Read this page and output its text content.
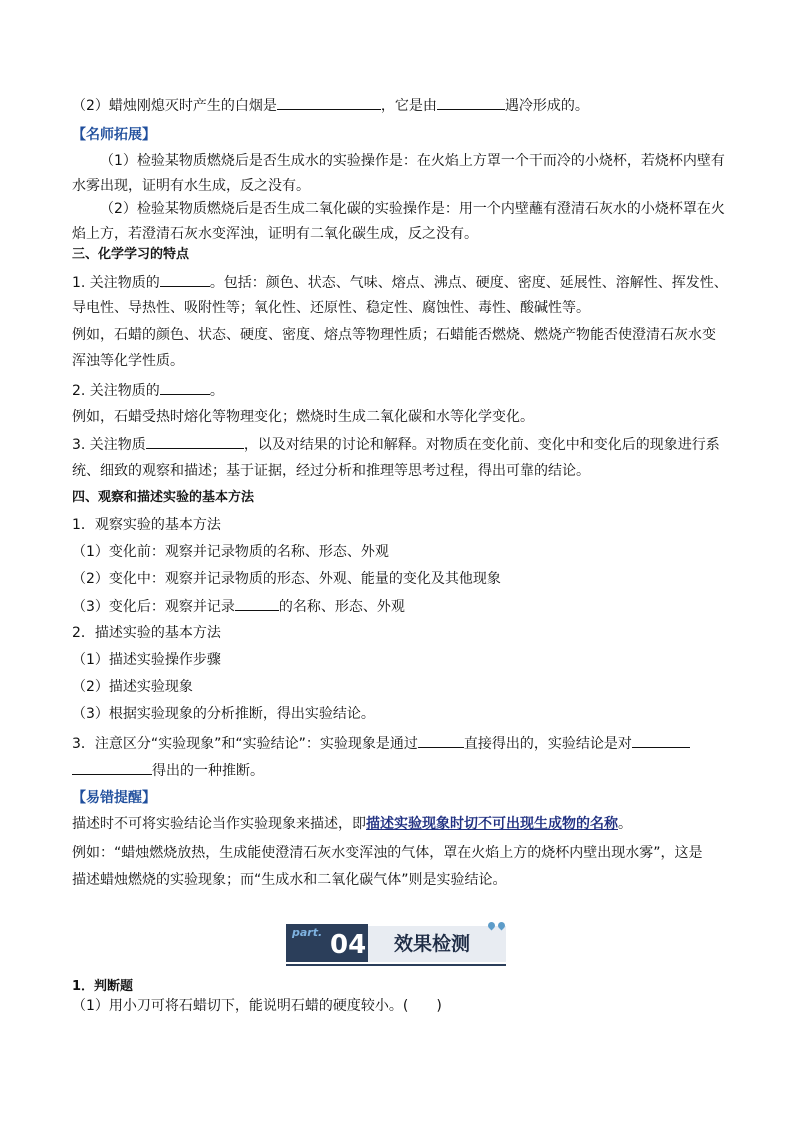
（2）蜡烛刚熄灭时产生的白烟是	，它是由	遇冷形成的。
【名师拓展】
（1）检验某物质燃烧后是否生成水的实验操作是：在火焰上方罩一个干而冷的小烧杯，若烧杯内壁有
水雾出现，证明有水生成，反之没有。
（2）检验某物质燃烧后是否生成二氧化碳的实验操作是：用一个内壁蘸有澄清石灰水的小烧杯罩在火
焰上方，若澄清石灰水变浑浊，证明有二氧化碳生成，反之没有。
三、化学学习的特点
1. 关注物质的	。包括：颜色、状态、气味、熔点、沸点、硬度、密度、延展性、溶解性、挥发性、
导电性、导热性、吸附性等；氧化性、还原性、稳定性、腐蚀性、毒性、酸碱性等。
例如，石蜡的颜色、状态、硬度、密度、熔点等物理性质；石蜡能否燃烧、燃烧产物能否使澄清石灰水变
浑浊等化学性质。
2. 关注物质的	。
例如，石蜡受热时熔化等物理变化；燃烧时生成二氧化碳和水等化学变化。
3. 关注物质	，以及对结果的讨论和解释。对物质在变化前、变化中和变化后的现象进行系
统、细致的观察和描述；基于证据，经过分析和推理等思考过程，得出可靠的结论。
四、观察和描述实验的基本方法
1．观察实验的基本方法
（1）变化前：观察并记录物质的名称、形态、外观
（2）变化中：观察并记录物质的形态、外观、能量的变化及其他现象
（3）变化后：观察并记录	的名称、形态、外观
2．描述实验的基本方法
（1）描述实验操作步骤
（2）描述实验现象
（3）根据实验现象的分析推断，得出实验结论。
3．注意区分“实验现象”和“实验结论”：实验现象是通过	直接得出的，实验结论是对
得出的一种推断。
【易错提醒】
描述时不可将实验结论当作实验现象来描述，即描述实验现象时切不可出现生成物的名称。
例如：“蜡烛燃烧放热，生成能使澄清石灰水变浑浊的气体，罩在火焰上方的烧杯内壁出现水雾”，这是
描述蜡烛燃烧的实验现象；而“生成水和二氧化碳气体”则是实验结论。
part. 04 效果检测
1．判断题
（1）用小刀可将石蜡切下，能说明石蜡的硬度较小。(　　)
